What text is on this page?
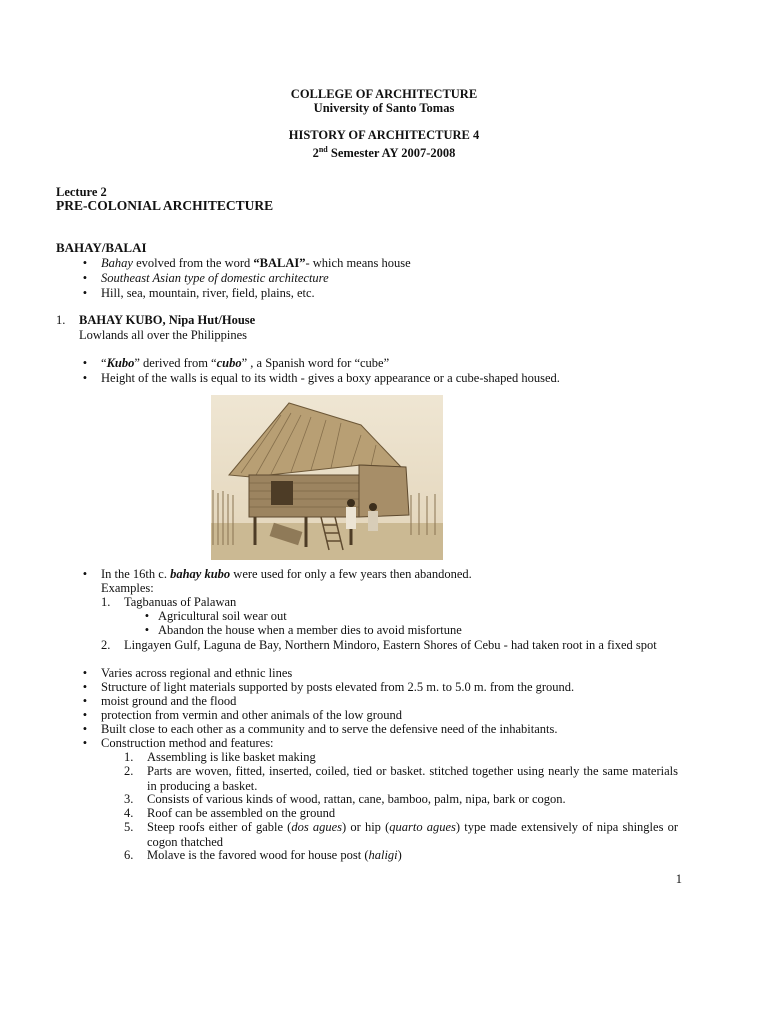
COLLEGE OF ARCHITECTURE
University of Santo Tomas
HISTORY OF ARCHITECTURE 4
2nd Semester AY 2007-2008
Lecture 2
PRE-COLONIAL ARCHITECTURE
BAHAY/BALAI
•	Bahay evolved from the word “BALAI”- which means house
•	Southeast Asian type of domestic architecture
•	Hill, sea, mountain, river, field, plains, etc.
1. BAHAY KUBO, Nipa Hut/House
Lowlands all over the Philippines
•	“Kubo” derived from “cubo” , a Spanish word for “cube”
•	Height of the walls is equal to its width - gives a boxy appearance or a cube-shaped housed.
•	In the 16th c. bahay kubo were used for only a few years then abandoned.
Examples:
1. Tagbanuas of Palawan
• Agricultural soil wear out
• Abandon the house when a member dies to avoid misfortune
2. Lingayen Gulf, Laguna de Bay, Northern Mindoro, Eastern Shores of Cebu - had taken root in a fixed spot
•	Varies across regional and ethnic lines
•	Structure of light materials supported by posts elevated from 2.5 m. to 5.0 m. from the ground.
•	moist ground and the flood
•	protection from vermin and other animals of the low ground
•	Built close to each other as a community and to serve the defensive need of the inhabitants.
•	Construction method and features:
1. Assembling is like basket making
2. Parts are woven, fitted, inserted, coiled, tied or basket. stitched together using nearly the same materials in producing a basket.
3. Consists of various kinds of wood, rattan, cane, bamboo, palm, nipa, bark or cogon.
4. Roof can be assembled on the ground
5. Steep roofs either of gable (dos agues) or hip (quarto agues) type made extensively of nipa shingles or cogon thatched
6. Molave is the favored wood for house post (haligi)
1
